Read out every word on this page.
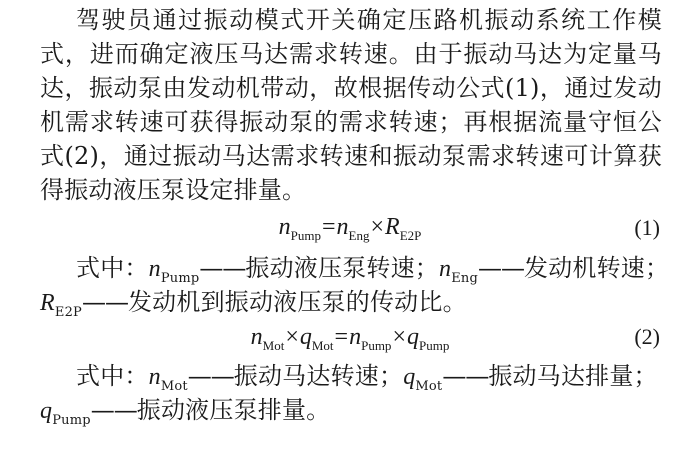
驾驶员通过振动模式开关确定压路机振动系统工作模
式，进而确定液压马达需求转速。由于振动马达为定量马
达，振动泵由发动机带动，故根据传动公式(1)，通过发动
机需求转速可获得振动泵的需求转速；再根据流量守恒公
式(2)，通过振动马达需求转速和振动泵需求转速可计算获
得振动液压泵设定排量。
$n_{Pump}=n_{Eng}\times R_{E2P}$	(1)
式中：$n_{Pump}——$振动液压泵转速；$n_{Eng}——$发动机转速；
$R_{E2P}——$发动机到振动液压泵的传动比。
$n_{Mot}\times q_{Mot}=n_{Pump}\times q_{Pump}$	(2)
式中：$n_{Mot}——$振动马达转速；$q_{Mot}——$振动马达排量；
$q_{Pump}——$振动液压泵排量。
